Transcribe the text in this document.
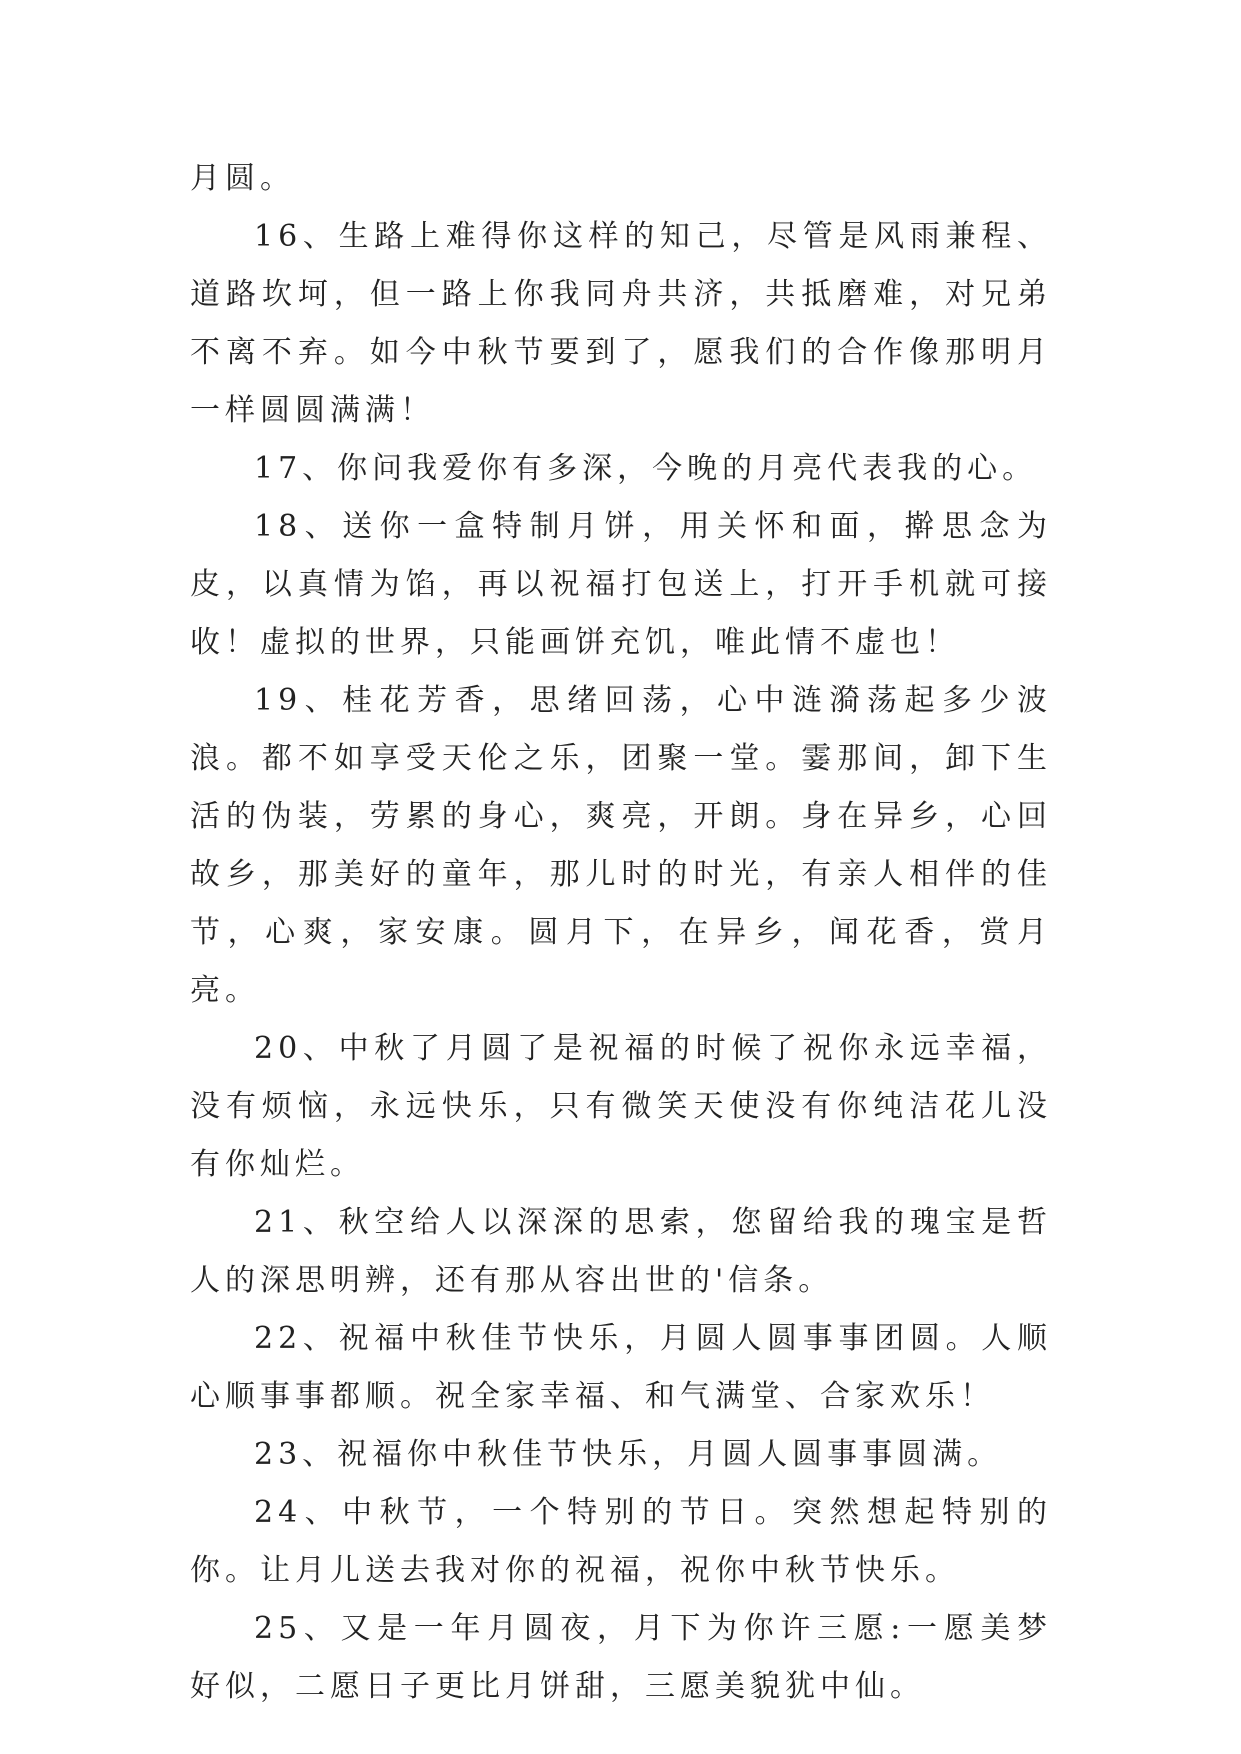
月圆。

16、生路上难得你这样的知己，尽管是风雨兼程、道路坎坷，但一路上你我同舟共济，共抵磨难，对兄弟不离不弃。如今中秋节要到了，愿我们的合作像那明月一样圆圆满满！

17、你问我爱你有多深，今晚的月亮代表我的心。

18、送你一盒特制月饼，用关怀和面，擀思念为皮，以真情为馅，再以祝福打包送上，打开手机就可接收！虚拟的世界，只能画饼充饥，唯此情不虚也！

19、桂花芳香，思绪回荡，心中涟漪荡起多少波浪。都不如享受天伦之乐，团聚一堂。霎那间，卸下生活的伪装，劳累的身心，爽亮，开朗。身在异乡，心回故乡，那美好的童年，那儿时的时光，有亲人相伴的佳节，心爽，家安康。圆月下，在异乡，闻花香，赏月亮。

20、中秋了月圆了是祝福的时候了祝你永远幸福，没有烦恼，永远快乐，只有微笑天使没有你纯洁花儿没有你灿烂。

21、秋空给人以深深的思索，您留给我的瑰宝是哲人的深思明辨，还有那从容出世的'信条。

22、祝福中秋佳节快乐，月圆人圆事事团圆。人顺心顺事事都顺。祝全家幸福、和气满堂、合家欢乐！

23、祝福你中秋佳节快乐，月圆人圆事事圆满。

24、中秋节，一个特别的节日。突然想起特别的你。让月儿送去我对你的祝福，祝你中秋节快乐。

25、又是一年月圆夜，月下为你许三愿:一愿美梦好似，二愿日子更比月饼甜，三愿美貌犹中仙。
